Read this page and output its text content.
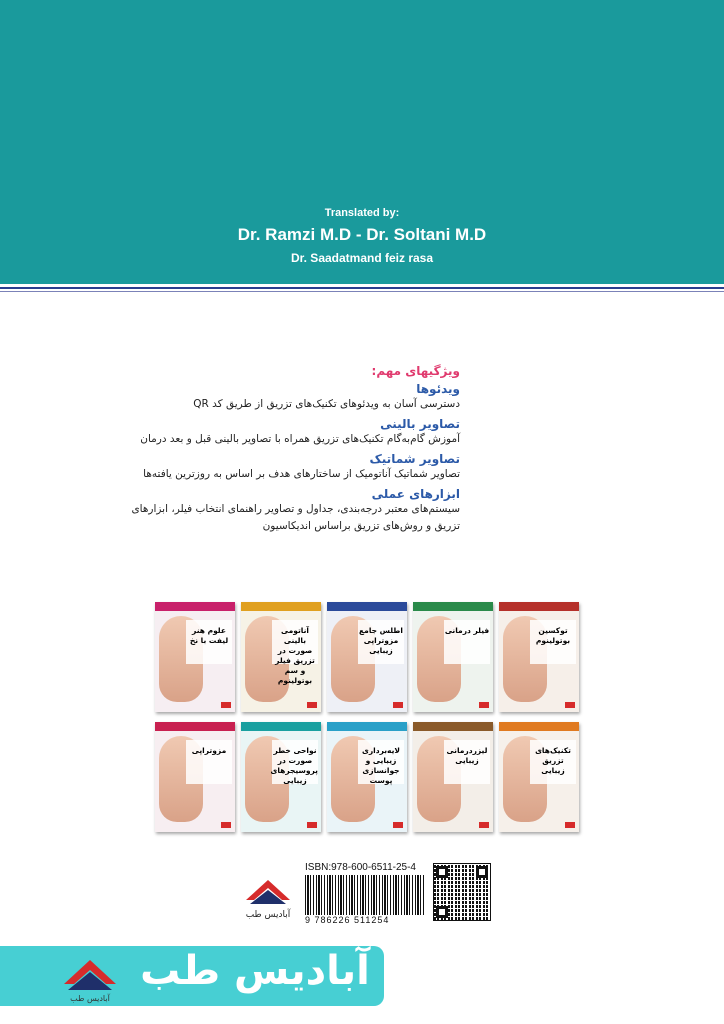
Translated by:
Dr. Ramzi M.D - Dr. Soltani M.D
Dr. Saadatmand feiz rasa
ویژگیهای مهم:
ویدئوها
دسترسی آسان به ویدئوهای تکنیک‌های تزریق از طریق کد QR
تصاویر بالینی
آموزش گام‌به‌گام تکنیک‌های تزریق همراه با تصاویر بالینی قبل و بعد درمان
تصاویر شماتیک
تصاویر شماتیک آناتومیک از ساختارهای هدف بر اساس به روزترین یافته‌ها
ابزارهای عملی
سیستم‌های معتبر درجه‌بندی، جداول و تصاویر راهنمای انتخاب فیلر، ابزارهای
تزریق و روش‌های تزریق براساس اندیکاسیون
توکسین بوتولینوم
فیلر درمانی
اطلس جامع مزوتراپی زیبایی
آناتومی بالینی صورت در تزریق فیلر و سم بوتولینوم
علوم هنر لیفت با نخ
تکنیک‌های تزریق زیبایی
لیزردرمانی زیبایی
لایه‌برداری زیبایی و جوانسازی پوست
نواحی خطر صورت در پروسیجرهای زیبایی
مزوتراپی
آبادیس طب
ISBN:978-600-6511-25-4
9 786226 511254
آبادیس طب
آبادیس طب
